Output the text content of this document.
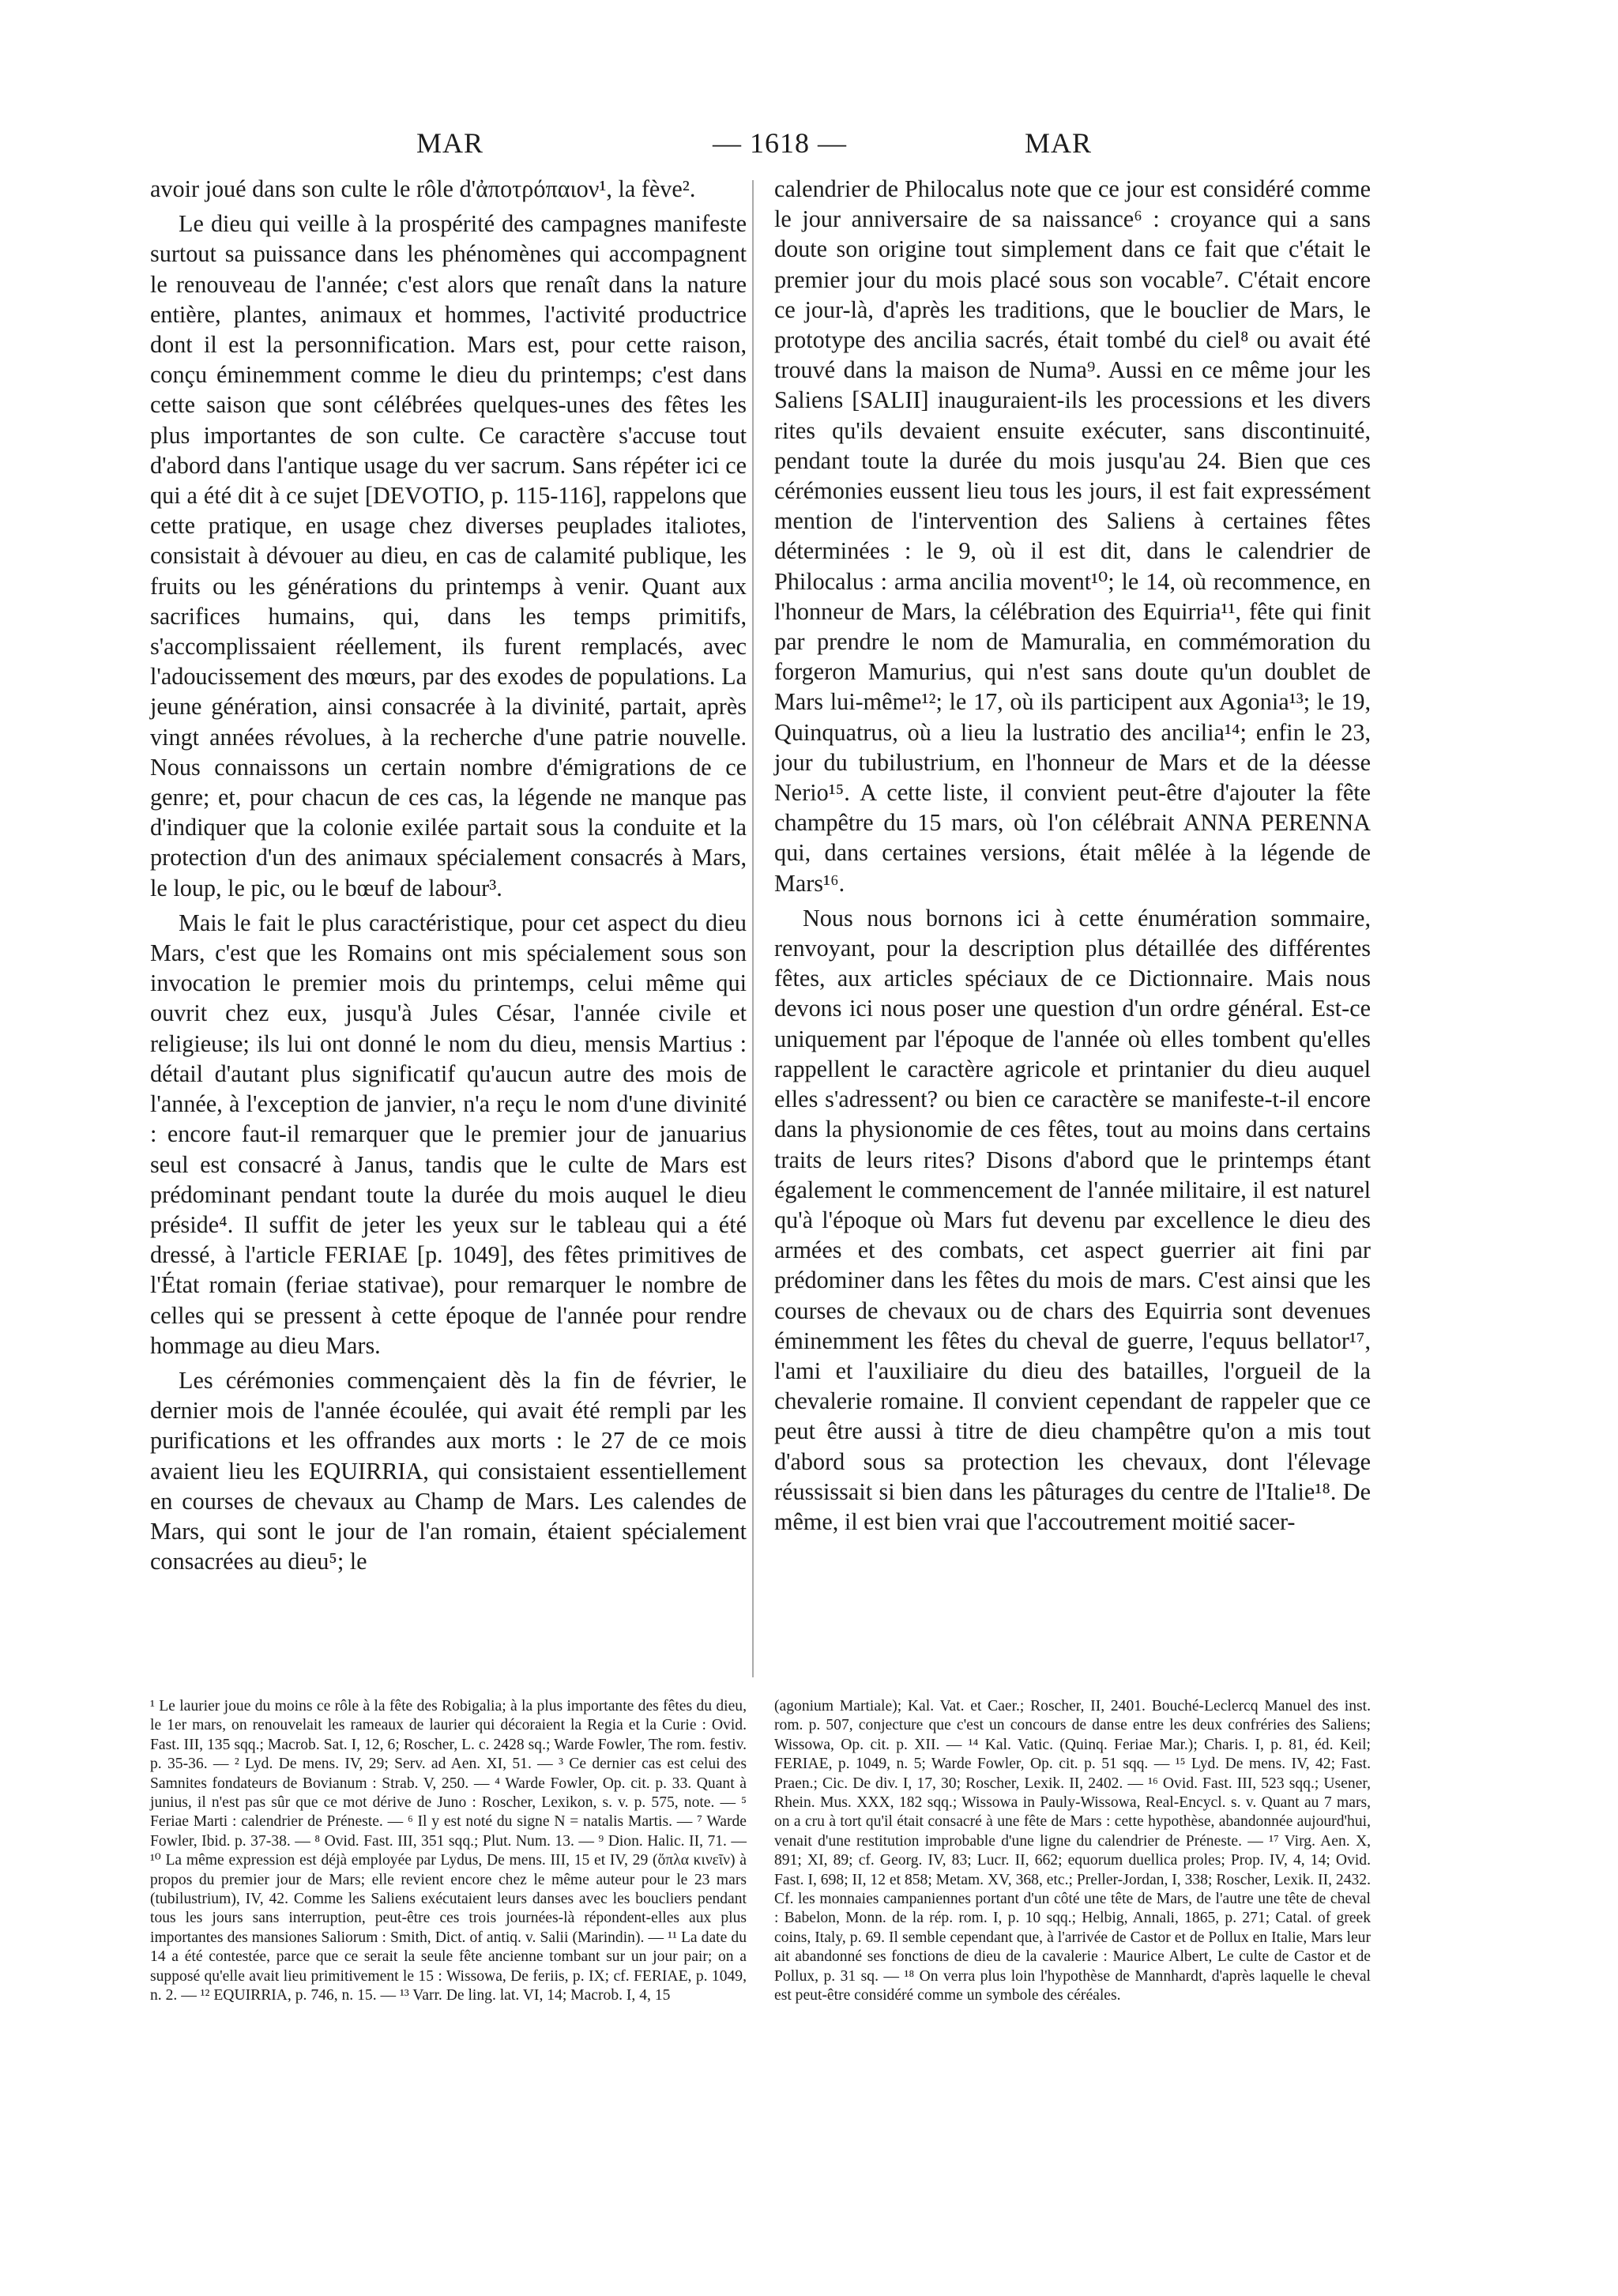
MAR	— 1618 —	MAR

avoir joué dans son culte le rôle d'ἀποτρόπαιον¹, la fève².

Le dieu qui veille à la prospérité des campagnes manifeste surtout sa puissance dans les phénomènes qui accompagnent le renouveau de l'année; c'est alors que renaît dans la nature entière, plantes, animaux et hommes, l'activité productrice dont il est la personnification. Mars est, pour cette raison, conçu éminemment comme le dieu du printemps; c'est dans cette saison que sont célébrées quelques-unes des fêtes les plus importantes de son culte. Ce caractère s'accuse tout d'abord dans l'antique usage du ver sacrum. Sans répéter ici ce qui a été dit à ce sujet [DEVOTIO, p. 115-116], rappelons que cette pratique, en usage chez diverses peuplades italiotes, consistait à dévouer au dieu, en cas de calamité publique, les fruits ou les générations du printemps à venir. Quant aux sacrifices humains, qui, dans les temps primitifs, s'accomplissaient réellement, ils furent remplacés, avec l'adoucissement des mœurs, par des exodes de populations. La jeune génération, ainsi consacrée à la divinité, partait, après vingt années révolues, à la recherche d'une patrie nouvelle. Nous connaissons un certain nombre d'émigrations de ce genre; et, pour chacun de ces cas, la légende ne manque pas d'indiquer que la colonie exilée partait sous la conduite et la protection d'un des animaux spécialement consacrés à Mars, le loup, le pic, ou le bœuf de labour³.

Mais le fait le plus caractéristique, pour cet aspect du dieu Mars, c'est que les Romains ont mis spécialement sous son invocation le premier mois du printemps, celui même qui ouvrit chez eux, jusqu'à Jules César, l'année civile et religieuse; ils lui ont donné le nom du dieu, mensis Martius : détail d'autant plus significatif qu'aucun autre des mois de l'année, à l'exception de janvier, n'a reçu le nom d'une divinité : encore faut-il remarquer que le premier jour de januarius seul est consacré à Janus, tandis que le culte de Mars est prédominant pendant toute la durée du mois auquel le dieu préside⁴. Il suffit de jeter les yeux sur le tableau qui a été dressé, à l'article FERIAE [p. 1049], des fêtes primitives de l'État romain (feriae stativae), pour remarquer le nombre de celles qui se pressent à cette époque de l'année pour rendre hommage au dieu Mars.

Les cérémonies commençaient dès la fin de février, le dernier mois de l'année écoulée, qui avait été rempli par les purifications et les offrandes aux morts : le 27 de ce mois avaient lieu les EQUIRRIA, qui consistaient essentiellement en courses de chevaux au Champ de Mars. Les calendes de Mars, qui sont le jour de l'an romain, étaient spécialement consacrées au dieu⁵; le

calendrier de Philocalus note que ce jour est considéré comme le jour anniversaire de sa naissance⁶ : croyance qui a sans doute son origine tout simplement dans ce fait que c'était le premier jour du mois placé sous son vocable⁷. C'était encore ce jour-là, d'après les traditions, que le bouclier de Mars, le prototype des ancilia sacrés, était tombé du ciel⁸ ou avait été trouvé dans la maison de Numa⁹. Aussi en ce même jour les Saliens [SALII] inauguraient-ils les processions et les divers rites qu'ils devaient ensuite exécuter, sans discontinuité, pendant toute la durée du mois jusqu'au 24. Bien que ces cérémonies eussent lieu tous les jours, il est fait expressément mention de l'intervention des Saliens à certaines fêtes déterminées : le 9, où il est dit, dans le calendrier de Philocalus : arma ancilia movent¹⁰; le 14, où recommence, en l'honneur de Mars, la célébration des Equirria¹¹, fête qui finit par prendre le nom de Mamuralia, en commémoration du forgeron Mamurius, qui n'est sans doute qu'un doublet de Mars lui-même¹²; le 17, où ils participent aux Agonia¹³; le 19, Quinquatrus, où a lieu la lustratio des ancilia¹⁴; enfin le 23, jour du tubilustrium, en l'honneur de Mars et de la déesse Nerio¹⁵. A cette liste, il convient peut-être d'ajouter la fête champêtre du 15 mars, où l'on célébrait ANNA PERENNA qui, dans certaines versions, était mêlée à la légende de Mars¹⁶.

Nous nous bornons ici à cette énumération sommaire, renvoyant, pour la description plus détaillée des différentes fêtes, aux articles spéciaux de ce Dictionnaire. Mais nous devons ici nous poser une question d'un ordre général. Est-ce uniquement par l'époque de l'année où elles tombent qu'elles rappellent le caractère agricole et printanier du dieu auquel elles s'adressent? ou bien ce caractère se manifeste-t-il encore dans la physionomie de ces fêtes, tout au moins dans certains traits de leurs rites? Disons d'abord que le printemps étant également le commencement de l'année militaire, il est naturel qu'à l'époque où Mars fut devenu par excellence le dieu des armées et des combats, cet aspect guerrier ait fini par prédominer dans les fêtes du mois de mars. C'est ainsi que les courses de chevaux ou de chars des Equirria sont devenues éminemment les fêtes du cheval de guerre, l'equus bellator¹⁷, l'ami et l'auxiliaire du dieu des batailles, l'orgueil de la chevalerie romaine. Il convient cependant de rappeler que ce peut être aussi à titre de dieu champêtre qu'on a mis tout d'abord sous sa protection les chevaux, dont l'élevage réussissait si bien dans les pâturages du centre de l'Italie¹⁸. De même, il est bien vrai que l'accoutrement moitié sacer-

¹ Le laurier joue du moins ce rôle à la fête des Robigalia; à la plus importante des fêtes du dieu, le 1er mars, on renouvelait les rameaux de laurier qui décoraient la Regia et la Curie : Ovid. Fast. III, 135 sqq.; Macrob. Sat. I, 12, 6; Roscher, L. c. 2428 sq.; Warde Fowler, The rom. festiv. p. 35-36. — ² Lyd. De mens. IV, 29; Serv. ad Aen. XI, 51. — ³ Ce dernier cas est celui des Samnites fondateurs de Bovianum : Strab. V, 250. — ⁴ Warde Fowler, Op. cit. p. 33. Quant à junius, il n'est pas sûr que ce mot dérive de Juno : Roscher, Lexikon, s. v. p. 575, note. — ⁵ Feriae Marti : calendrier de Préneste. — ⁶ Il y est noté du signe N = natalis Martis. — ⁷ Warde Fowler, Ibid. p. 37-38. — ⁸ Ovid. Fast. III, 351 sqq.; Plut. Num. 13. — ⁹ Dion. Halic. II, 71. — ¹⁰ La même expression est déjà employée par Lydus, De mens. III, 15 et IV, 29 (ὅπλα κινεῖν) à propos du premier jour de Mars; elle revient encore chez le même auteur pour le 23 mars (tubilustrium), IV, 42. Comme les Saliens exécutaient leurs danses avec les boucliers pendant tous les jours sans interruption, peut-être ces trois journées-là répondent-elles aux plus importantes des mansiones Saliorum : Smith, Dict. of antiq. v. Salii (Marindin). — ¹¹ La date du 14 a été contestée, parce que ce serait la seule fête ancienne tombant sur un jour pair; on a supposé qu'elle avait lieu primitivement le 15 : Wissowa, De feriis, p. IX; cf. FERIAE, p. 1049, n. 2. — ¹² EQUIRRIA, p. 746, n. 15. — ¹³ Varr. De ling. lat. VI, 14; Macrob. I, 4, 15

(agonium Martiale); Kal. Vat. et Caer.; Roscher, II, 2401. Bouché-Leclercq Manuel des inst. rom. p. 507, conjecture que c'est un concours de danse entre les deux confréries des Saliens; Wissowa, Op. cit. p. XII. — ¹⁴ Kal. Vatic. (Quinq. Feriae Mar.); Charis. I, p. 81, éd. Keil; FERIAE, p. 1049, n. 5; Warde Fowler, Op. cit. p. 51 sqq. — ¹⁵ Lyd. De mens. IV, 42; Fast. Praen.; Cic. De div. I, 17, 30; Roscher, Lexik. II, 2402. — ¹⁶ Ovid. Fast. III, 523 sqq.; Usener, Rhein. Mus. XXX, 182 sqq.; Wissowa in Pauly-Wissowa, Real-Encycl. s. v. Quant au 7 mars, on a cru à tort qu'il était consacré à une fête de Mars : cette hypothèse, abandonnée aujourd'hui, venait d'une restitution improbable d'une ligne du calendrier de Préneste. — ¹⁷ Virg. Aen. X, 891; XI, 89; cf. Georg. IV, 83; Lucr. II, 662; equorum duellica proles; Prop. IV, 4, 14; Ovid. Fast. I, 698; II, 12 et 858; Metam. XV, 368, etc.; Preller-Jordan, I, 338; Roscher, Lexik. II, 2432. Cf. les monnaies campaniennes portant d'un côté une tête de Mars, de l'autre une tête de cheval : Babelon, Monn. de la rép. rom. I, p. 10 sqq.; Helbig, Annali, 1865, p. 271; Catal. of greek coins, Italy, p. 69. Il semble cependant que, à l'arrivée de Castor et de Pollux en Italie, Mars leur ait abandonné ses fonctions de dieu de la cavalerie : Maurice Albert, Le culte de Castor et de Pollux, p. 31 sq. — ¹⁸ On verra plus loin l'hypothèse de Mannhardt, d'après laquelle le cheval est peut-être considéré comme un symbole des céréales.
